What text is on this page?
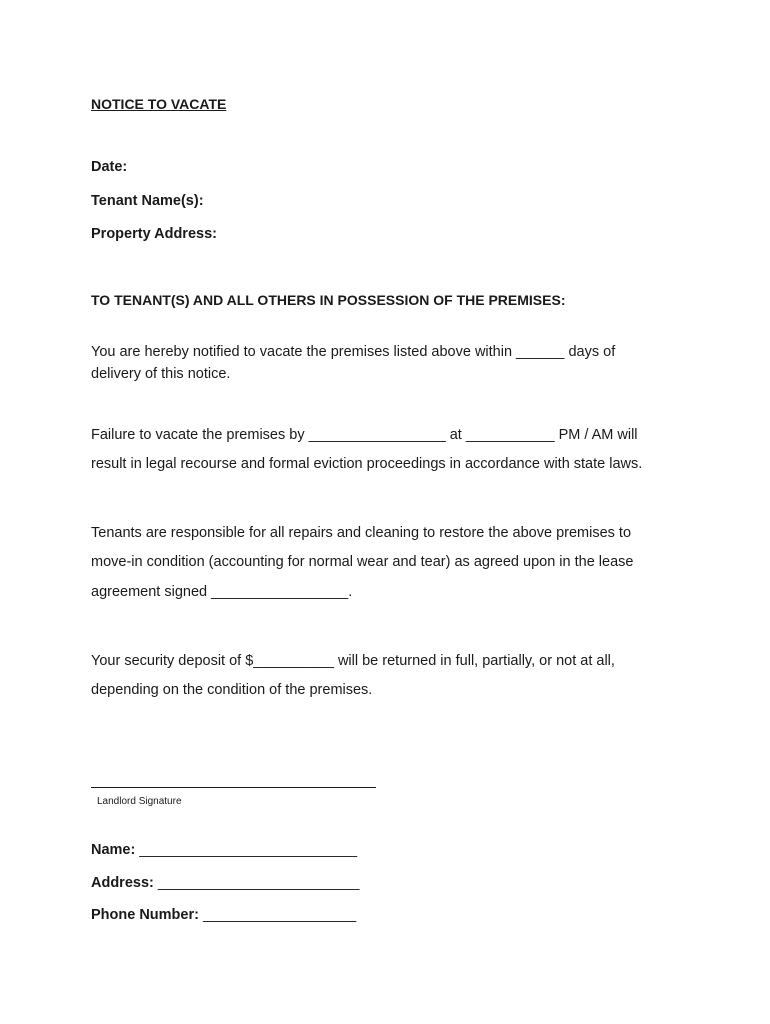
NOTICE TO VACATE

Date:

Tenant Name(s):

Property Address:

TO TENANT(S) AND ALL OTHERS IN POSSESSION OF THE PREMISES:

You are hereby notified to vacate the premises listed above within ______ days of

delivery of this notice.

Failure to vacate the premises by _________________ at ___________ PM / AM will

result in legal recourse and formal eviction proceedings in accordance with state laws.

Tenants are responsible for all repairs and cleaning to restore the above premises to

move-in condition (accounting for normal wear and tear) as agreed upon in the lease

agreement signed _________________.

Your security deposit of $__________ will be returned in full, partially, or not at all,

depending on the condition of the premises.

Landlord Signature

Name: ___________________________

Address: _________________________

Phone Number: ___________________
